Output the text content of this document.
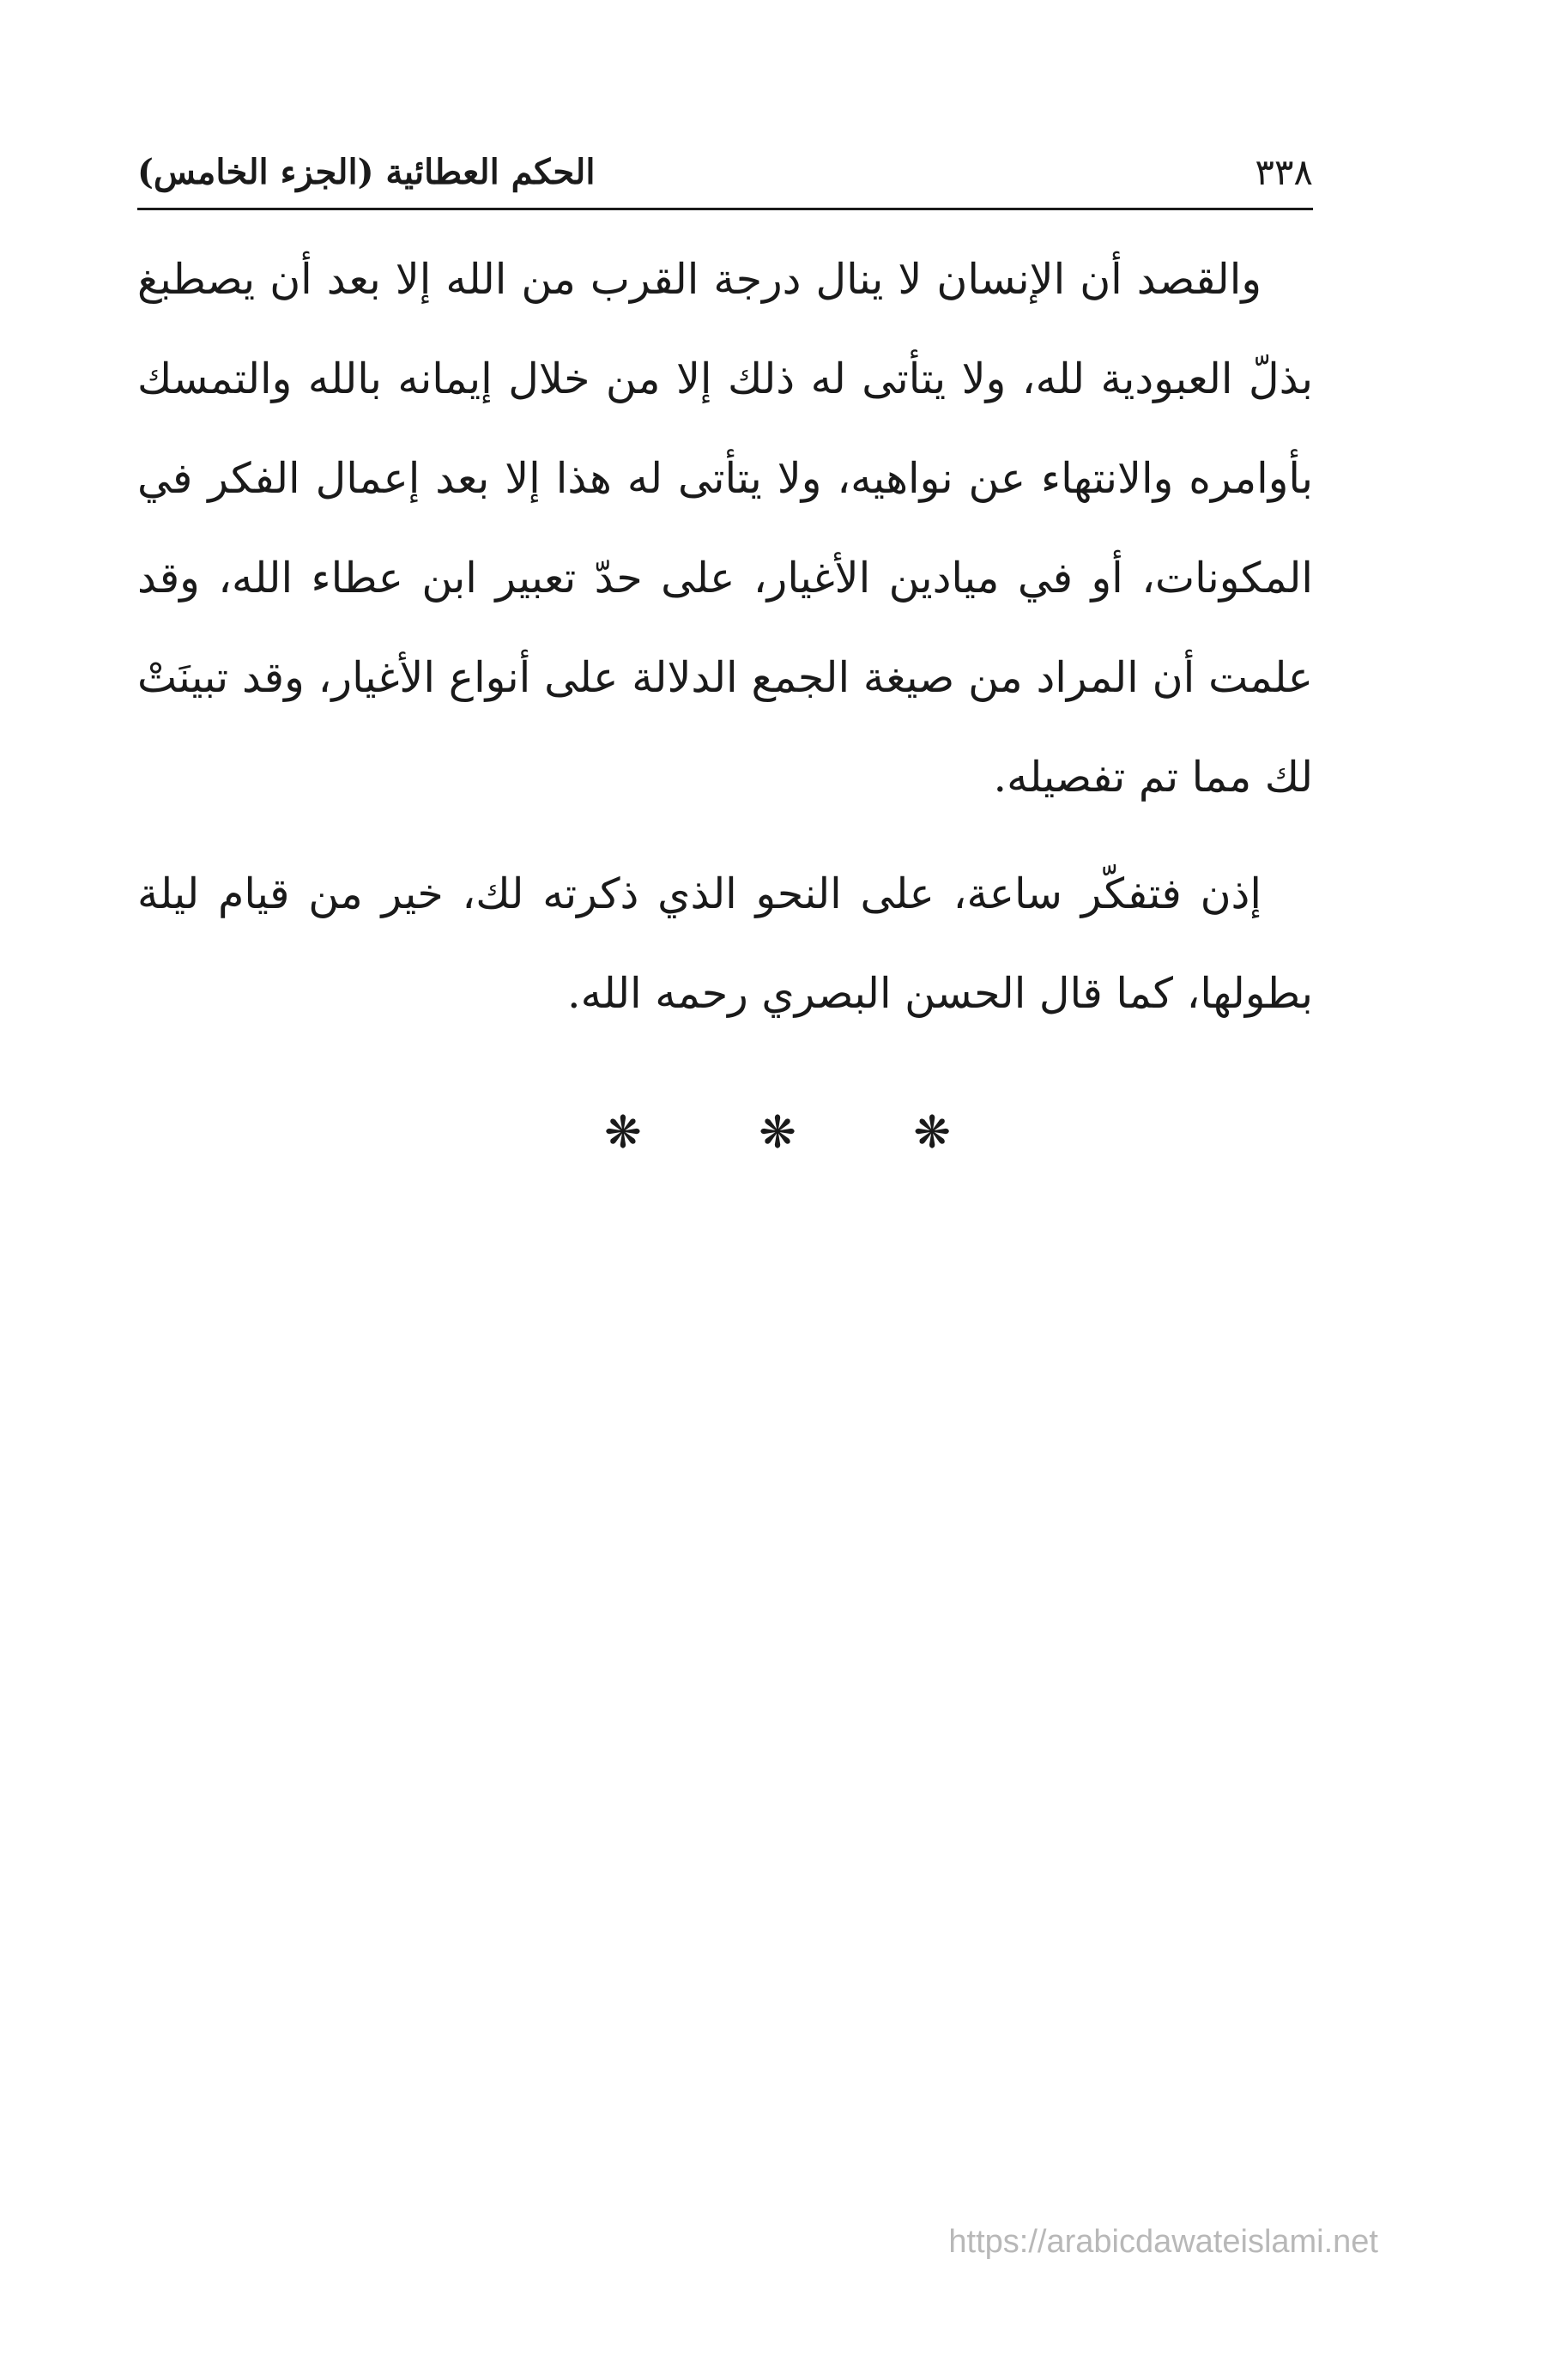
٣٣٨
الحكم العطائية (الجزء الخامس)

والقصد أن الإنسان لا ينال درجة القرب من الله إلا بعد أن يصطبغ بذلّ العبودية لله، ولا يتأتى له ذلك إلا من خلال إيمانه بالله والتمسك بأوامره والانتهاء عن نواهيه، ولا يتأتى له هذا إلا بعد إعمال الفكر في المكونات، أو في ميادين الأغيار، على حدّ تعبير ابن عطاء الله، وقد علمت أن المراد من صيغة الجمع الدلالة على أنواع الأغيار، وقد تبينَتْ لك مما تم تفصيله.

إذن فتفكّر ساعة، على النحو الذي ذكرته لك، خير من قيام ليلة بطولها، كما قال الحسن البصري رحمه الله.

❋	❋	❋
https://arabicdawateislami.net
